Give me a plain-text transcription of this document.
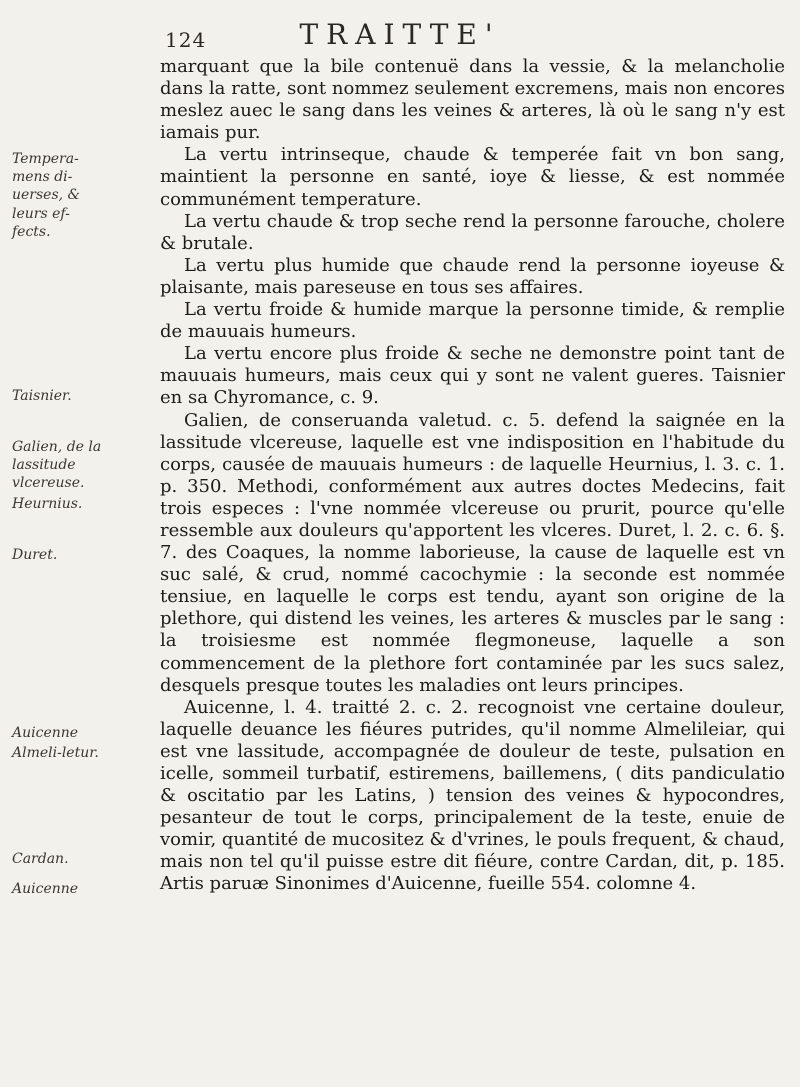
124	TRAITTE'
Tempera-mens di-uerses, & leurs ef-fects.
Taisnier.
Galien, de la lassitude vlcereuse.
Heurnius.
Duret.
Auicenne
Almeli-letur.
Cardan.
Auicenne

marquant que la bile contenuë dans la vessie, & la melancholie dans la ratte, sont nommez seulement excremens, mais non encores meslez auec le sang dans les veines & arteres, là où le sang n'y est iamais pur.

La vertu intrinseque, chaude & temperée fait vn bon sang, maintient la personne en santé, ioye & liesse, & est nommée communément temperature.

La vertu chaude & trop seche rend la personne farouche, cholere & brutale.

La vertu plus humide que chaude rend la personne ioyeuse & plaisante, mais pareseuse en tous ses affaires.

La vertu froide & humide marque la personne timide, & remplie de mauuais humeurs.

La vertu encore plus froide & seche ne demonstre point tant de mauuais humeurs, mais ceux qui y sont ne valent gueres. Taisnier en sa Chyromance, c. 9.

Galien, de conseruanda valetud. c. 5. defend la saignée en la lassitude vlcereuse, laquelle est vne indisposition en l'habitude du corps, causée de mauuais humeurs : de laquelle Heurnius, l. 3. c. 1. p. 350. Methodi, conformément aux autres doctes Medecins, fait trois especes : l'vne nommée vlcereuse ou prurit, pource qu'elle ressemble aux douleurs qu'apportent les vlceres. Duret, l. 2. c. 6. §. 7. des Coaques, la nomme laborieuse, la cause de laquelle est vn suc salé, & crud, nommé cacochymie : la seconde est nommée tensiue, en laquelle le corps est tendu, ayant son origine de la plethore, qui distend les veines, les arteres & muscles par le sang : la troisiesme est nommée flegmoneuse, laquelle a son commencement de la plethore fort contaminée par les sucs salez, desquels presque toutes les maladies ont leurs principes.

Auicenne, l. 4. traitté 2. c. 2. recognoist vne certaine douleur, laquelle deuance les fiéures putrides, qu'il nomme Almelileiar, qui est vne lassitude, accompagnée de douleur de teste, pulsation en icelle, sommeil turbatif, estiremens, baillemens, ( dits pandiculatio & oscitatio par les Latins, ) tension des veines & hypocondres, pesanteur de tout le corps, principalement de la teste, enuie de vomir, quantité de mucositez & d'vrines, le pouls frequent, & chaud, mais non tel qu'il puisse estre dit fiéure, contre Cardan, dit, p. 185. Artis paruæ Sinonimes d'Auicenne, fueille 554. colomne 4.
